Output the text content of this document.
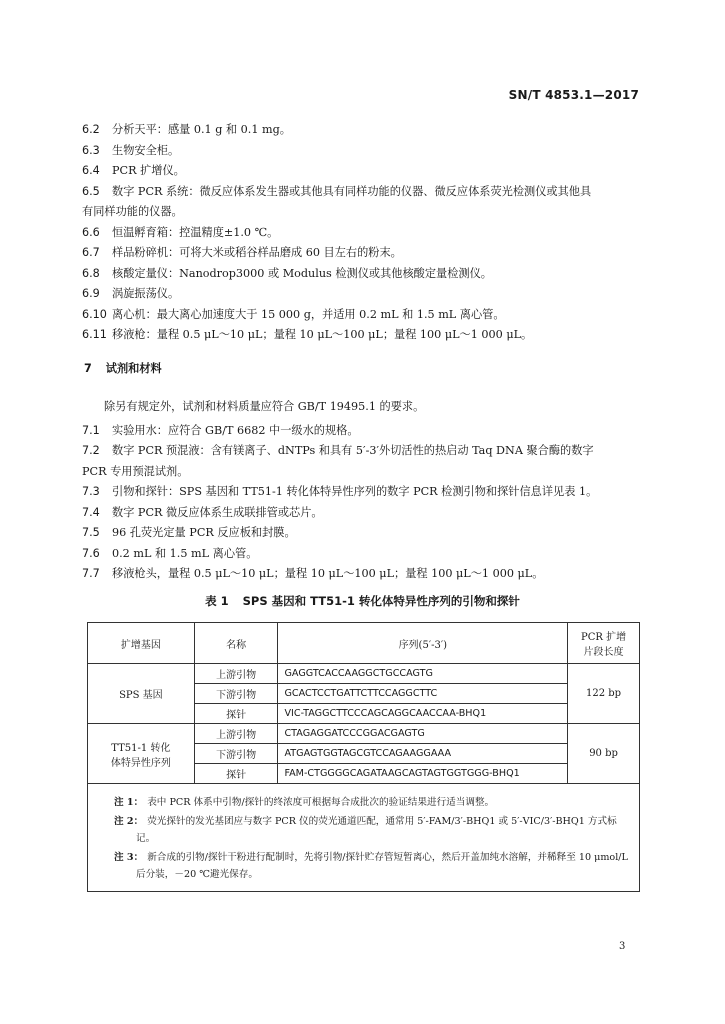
SN/T 4853.1—2017
6.2 分析天平：感量 0.1 g 和 0.1 mg。
6.3 生物安全柜。
6.4 PCR 扩增仪。
6.5 数字 PCR 系统：微反应体系发生器或其他具有同样功能的仪器、微反应体系荧光检测仪或其他具
有同样功能的仪器。
6.6 恒温孵育箱：控温精度±1.0 ℃。
6.7 样品粉碎机：可将大米或稻谷样品磨成 60 目左右的粉末。
6.8 核酸定量仪：Nanodrop3000 或 Modulus 检测仪或其他核酸定量检测仪。
6.9 涡旋振荡仪。
6.10 离心机：最大离心加速度大于 15 000 g，并适用 0.2 mL 和 1.5 mL 离心管。
6.11 移液枪：量程 0.5 μL～10 μL；量程 10 μL～100 μL；量程 100 μL～1 000 μL。
7 试剂和材料
除另有规定外，试剂和材料质量应符合 GB/T 19495.1 的要求。
7.1 实验用水：应符合 GB/T 6682 中一级水的规格。
7.2 数字 PCR 预混液：含有镁离子、dNTPs 和具有 5′-3′外切活性的热启动 Taq DNA 聚合酶的数字
PCR 专用预混试剂。
7.3 引物和探针：SPS 基因和 TT51-1 转化体特异性序列的数字 PCR 检测引物和探针信息详见表 1。
7.4 数字 PCR 微反应体系生成联排管或芯片。
7.5 96 孔荧光定量 PCR 反应板和封膜。
7.6 0.2 mL 和 1.5 mL 离心管。
7.7 移液枪头，量程 0.5 μL～10 μL；量程 10 μL～100 μL；量程 100 μL～1 000 μL。
表 1 SPS 基因和 TT51-1 转化体特异性序列的引物和探针
扩增基因	名称	序列(5′-3′)	PCR 扩增
片段长度

SPS 基因	上游引物	GAGGTCACCAAGGCTGCCAGTG	122 bp
	下游引物	GCACTCCTGATTCTTCCAGGCTTC	
	探针	VIC-TAGGCTTCCCAGCAGGCAACCAA-BHQ1	

TT51-1 转化
体特异性序列	上游引物	CTAGAGGATCCCGGACGAGTG	90 bp
	下游引物	ATGAGTGGTAGCGTCCAGAAGGAAA	
	探针	FAM-CTGGGGCAGATAAGCAGTAGTGGTGGG-BHQ1	

注 1： 表中 PCR 体系中引物/探针的终浓度可根据每合成批次的验证结果进行适当调整。
注 2： 荧光探针的发光基团应与数字 PCR 仪的荧光通道匹配，通常用 5′-FAM/3′-BHQ1 或 5′-VIC/3′-BHQ1 方式标记。
注 3： 新合成的引物/探针干粉进行配制时，先将引物/探针贮存管短暂离心，然后开盖加纯水溶解，并稀释至 10 μmol/L 后分装，－20 ℃避光保存。			
3
